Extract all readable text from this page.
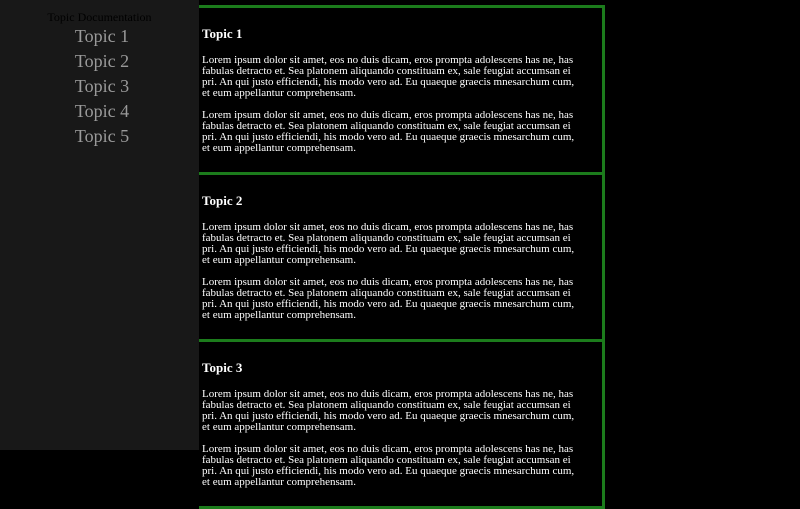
Topic Documentation
Topic 1
Topic 2
Topic 3
Topic 4
Topic 5
Topic 1

Lorem ipsum dolor sit amet, eos no duis dicam, eros prompta adolescens has ne, has fabulas detracto et. Sea platonem aliquando constituam ex, sale feugiat accumsan ei pri. An qui justo efficiendi, his modo vero ad. Eu quaeque graecis mnesarchum cum, et eum appellantur comprehensam.

Lorem ipsum dolor sit amet, eos no duis dicam, eros prompta adolescens has ne, has fabulas detracto et. Sea platonem aliquando constituam ex, sale feugiat accumsan ei pri. An qui justo efficiendi, his modo vero ad. Eu quaeque graecis mnesarchum cum, et eum appellantur comprehensam.

Topic 2

Lorem ipsum dolor sit amet, eos no duis dicam, eros prompta adolescens has ne, has fabulas detracto et. Sea platonem aliquando constituam ex, sale feugiat accumsan ei pri. An qui justo efficiendi, his modo vero ad. Eu quaeque graecis mnesarchum cum, et eum appellantur comprehensam.

Lorem ipsum dolor sit amet, eos no duis dicam, eros prompta adolescens has ne, has fabulas detracto et. Sea platonem aliquando constituam ex, sale feugiat accumsan ei pri. An qui justo efficiendi, his modo vero ad. Eu quaeque graecis mnesarchum cum, et eum appellantur comprehensam.

Topic 3

Lorem ipsum dolor sit amet, eos no duis dicam, eros prompta adolescens has ne, has fabulas detracto et. Sea platonem aliquando constituam ex, sale feugiat accumsan ei pri. An qui justo efficiendi, his modo vero ad. Eu quaeque graecis mnesarchum cum, et eum appellantur comprehensam.

Lorem ipsum dolor sit amet, eos no duis dicam, eros prompta adolescens has ne, has fabulas detracto et. Sea platonem aliquando constituam ex, sale feugiat accumsan ei pri. An qui justo efficiendi, his modo vero ad. Eu quaeque graecis mnesarchum cum, et eum appellantur comprehensam.
